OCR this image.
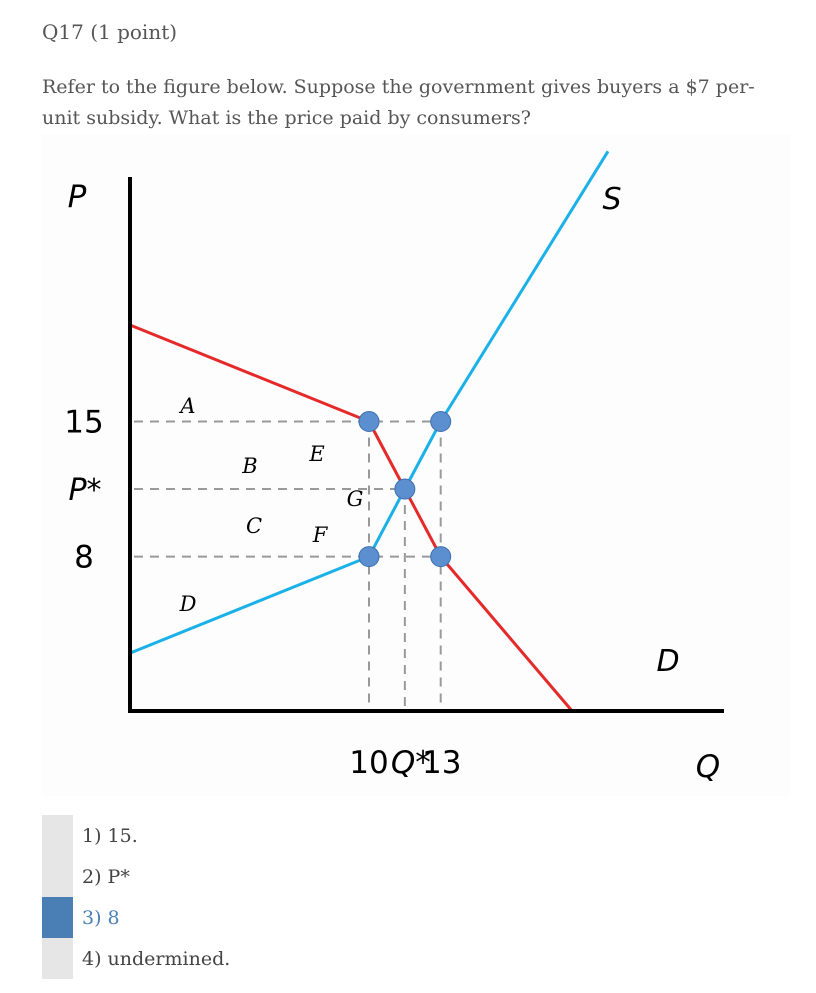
Q17 (1 point)
Refer to the figure below. Suppose the government gives buyers a $7 per-unit subsidy. What is the price paid by consumers?
P
Q
15
P*
8
10 Q*
13
S
D
A
B
C
D
E
F
G
1) 15.
2) P*
3) 8
4) undermined.
